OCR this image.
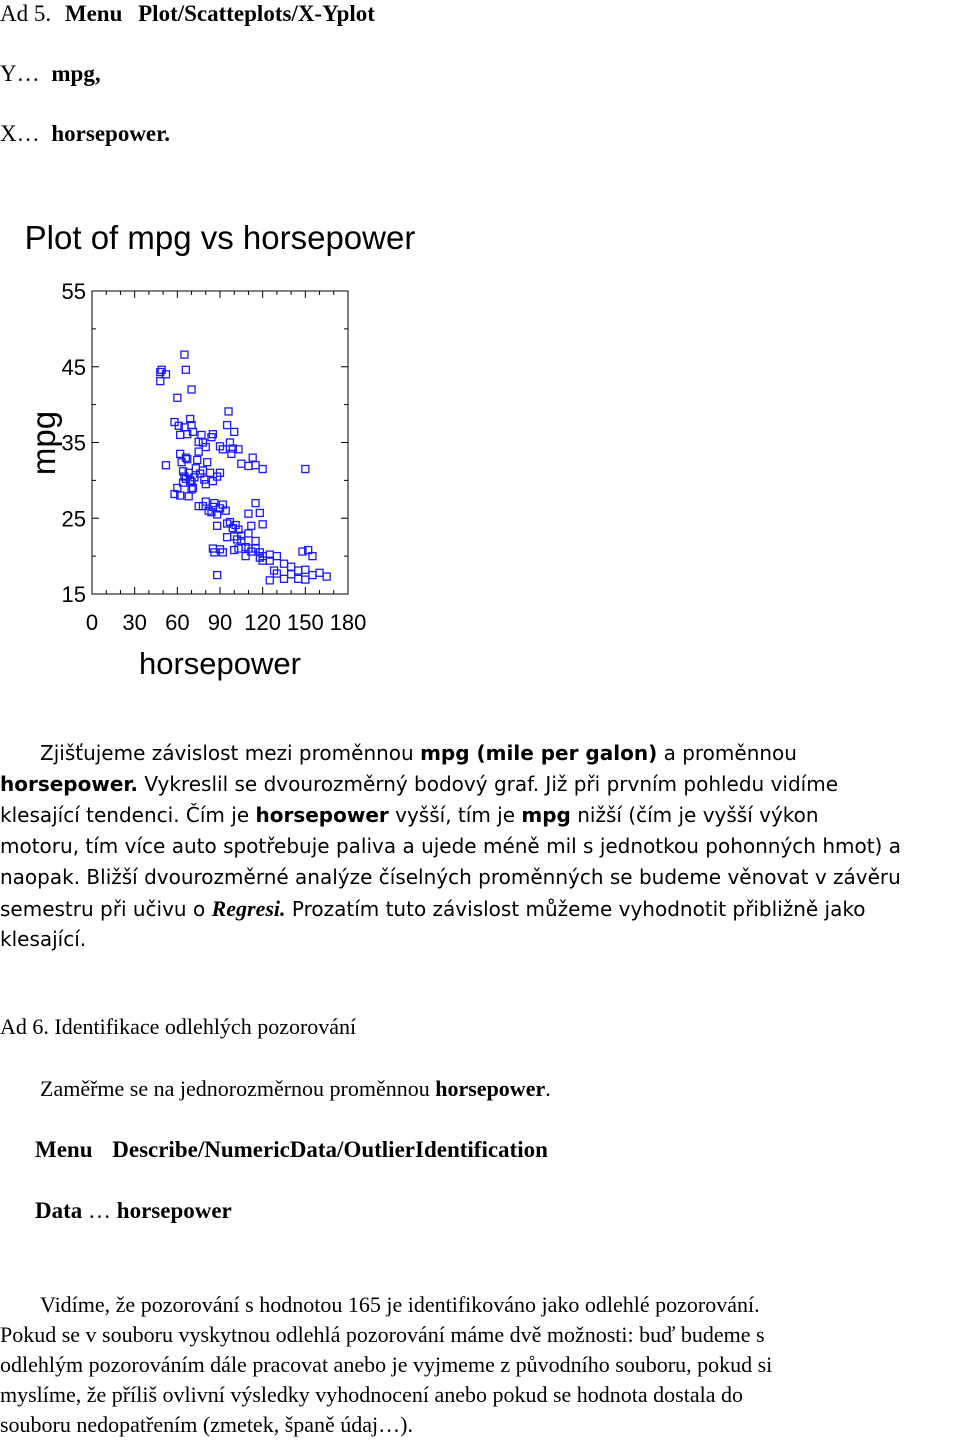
Ad 5. Menu Plot/Scatteplots/X-Yplot
Y… mpg,
X… horsepower.
Plot of mpg vs horsepower
15
25
35
45
55
0 30 60 90 120 150 180
mpg
horsepower
Zjišťujeme závislost mezi proměnnou mpg (mile per galon) a proměnnou
horsepower. Vykreslil se dvourozměrný bodový graf. Již při prvním pohledu vidíme
klesající tendenci. Čím je horsepower vyšší, tím je mpg nižší (čím je vyšší výkon
motoru, tím více auto spotřebuje paliva a ujede méně mil s jednotkou pohonných hmot) a
naopak. Bližší dvourozměrné analýze číselných proměnných se budeme věnovat v závěru
semestru při učivu o Regresi. Prozatím tuto závislost můžeme vyhodnotit přibližně jako
klesající.
Ad 6. Identifikace odlehlých pozorování
Zaměřme se na jednorozměrnou proměnnou horsepower.
Menu Describe/NumericData/OutlierIdentification
Data … horsepower
Vidíme, že pozorování s hodnotou 165 je identifikováno jako odlehlé pozorování.
Pokud se v souboru vyskytnou odlehlá pozorování máme dvě možnosti: buď budeme s
odlehlým pozorováním dále pracovat anebo je vyjmeme z původního souboru, pokud si
myslíme, že příliš ovlivní výsledky vyhodnocení anebo pokud se hodnota dostala do
souboru nedopatřením (zmetek, španě údaj…).
